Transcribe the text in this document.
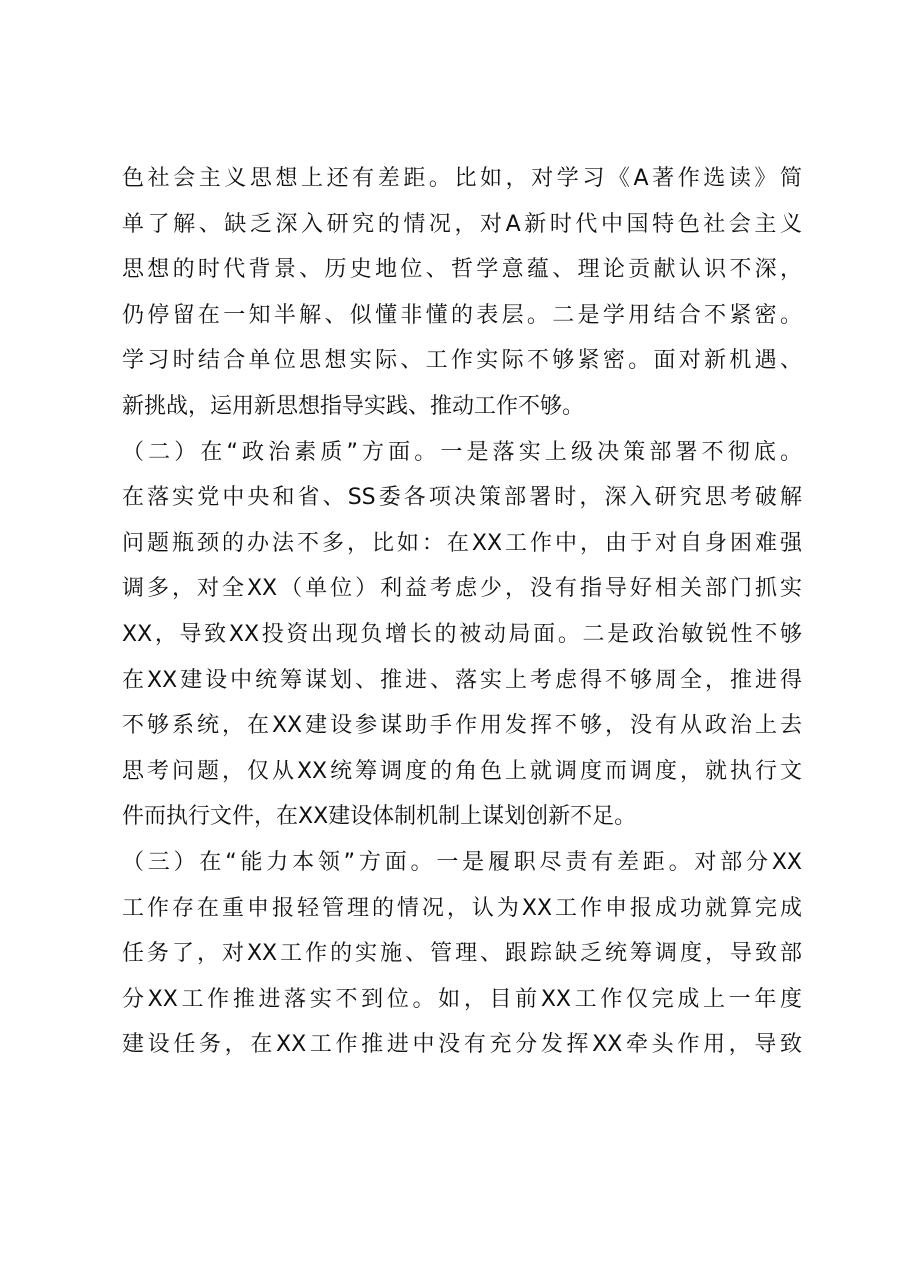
色社会主义思想上还有差距。比如，对学习《A著作选读》简
单了解、缺乏深入研究的情况，对A新时代中国特色社会主义
思想的时代背景、历史地位、哲学意蕴、理论贡献认识不深，
仍停留在一知半解、似懂非懂的表层。二是学用结合不紧密。
学习时结合单位思想实际、工作实际不够紧密。面对新机遇、
新挑战，运用新思想指导实践、推动工作不够。
（二）在“政治素质”方面。一是落实上级决策部署不彻底。
在落实党中央和省、SS委各项决策部署时，深入研究思考破解
问题瓶颈的办法不多，比如：在XX工作中，由于对自身困难强
调多，对全XX（单位）利益考虑少，没有指导好相关部门抓实
XX，导致XX投资出现负增长的被动局面。二是政治敏锐性不够
在XX建设中统筹谋划、推进、落实上考虑得不够周全，推进得
不够系统，在XX建设参谋助手作用发挥不够，没有从政治上去
思考问题，仅从XX统筹调度的角色上就调度而调度，就执行文
件而执行文件，在XX建设体制机制上谋划创新不足。
（三）在“能力本领”方面。一是履职尽责有差距。对部分XX
工作存在重申报轻管理的情况，认为XX工作申报成功就算完成
任务了，对XX工作的实施、管理、跟踪缺乏统筹调度，导致部
分XX工作推进落实不到位。如，目前XX工作仅完成上一年度
建设任务，在XX工作推进中没有充分发挥XX牵头作用，导致
